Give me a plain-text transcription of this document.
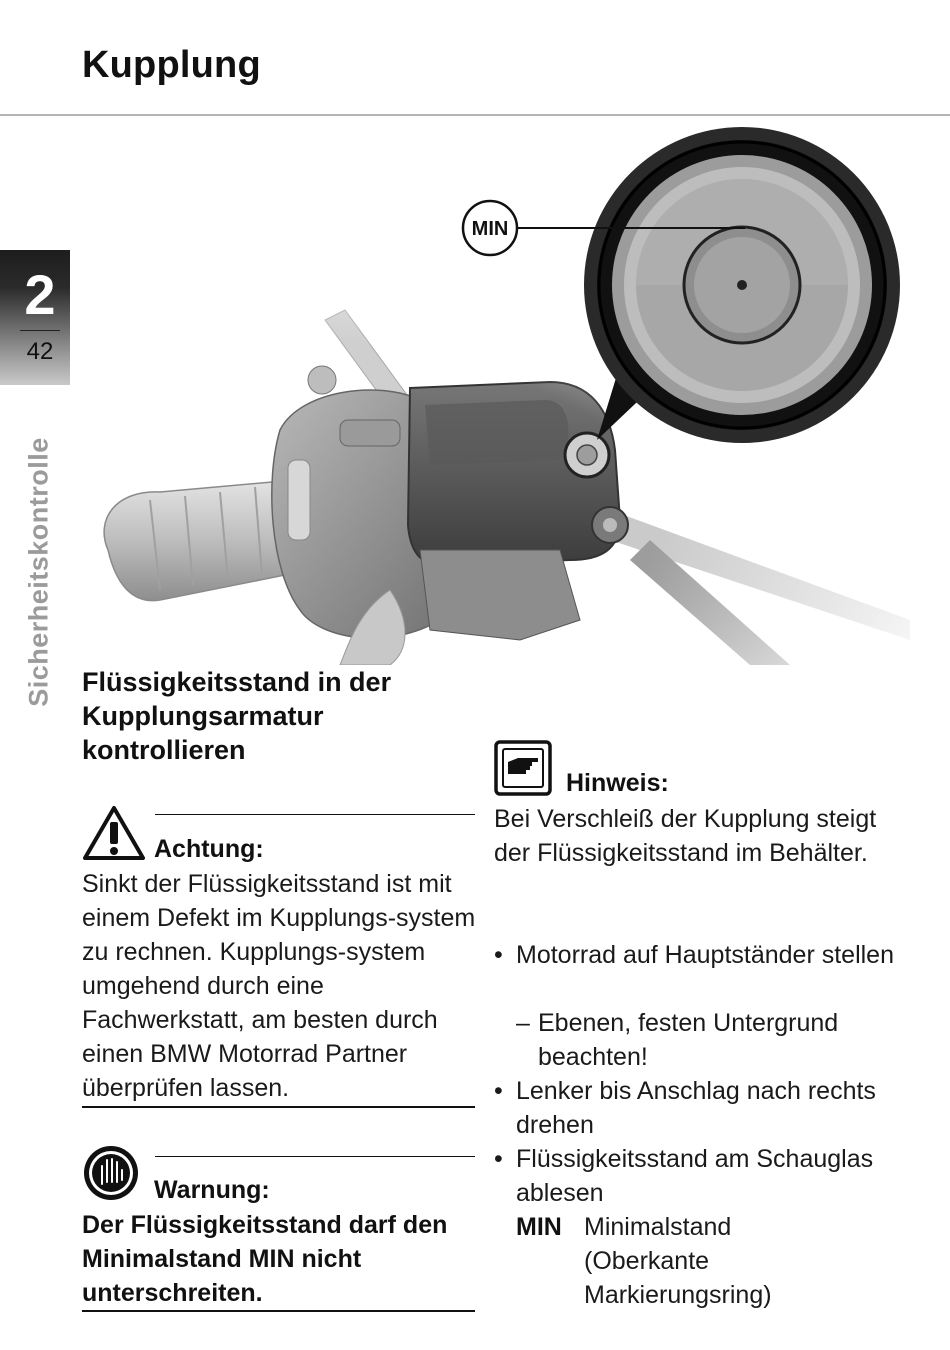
Kupplung
2
42
Sicherheitskontrolle
MIN
Flüssigkeitsstand in der Kupplungsarmatur kontrollieren
Achtung:
Sinkt der Flüssigkeitsstand ist mit einem Defekt im Kupplungs-system zu rechnen. Kupplungs-system umgehend durch eine Fachwerkstatt, am besten durch einen BMW Motorrad Partner überprüfen lassen.
Warnung:
Der Flüssigkeitsstand darf den Minimalstand MIN nicht unterschreiten.
Hinweis:
Bei Verschleiß der Kupplung steigt der Flüssigkeitsstand im Behälter.
• Motorrad auf Hauptständer stellen
– Ebenen, festen Untergrund beachten!
• Lenker bis Anschlag nach rechts drehen
• Flüssigkeitsstand am Schauglas ablesen
MIN Minimalstand (Oberkante Markierungsring)
